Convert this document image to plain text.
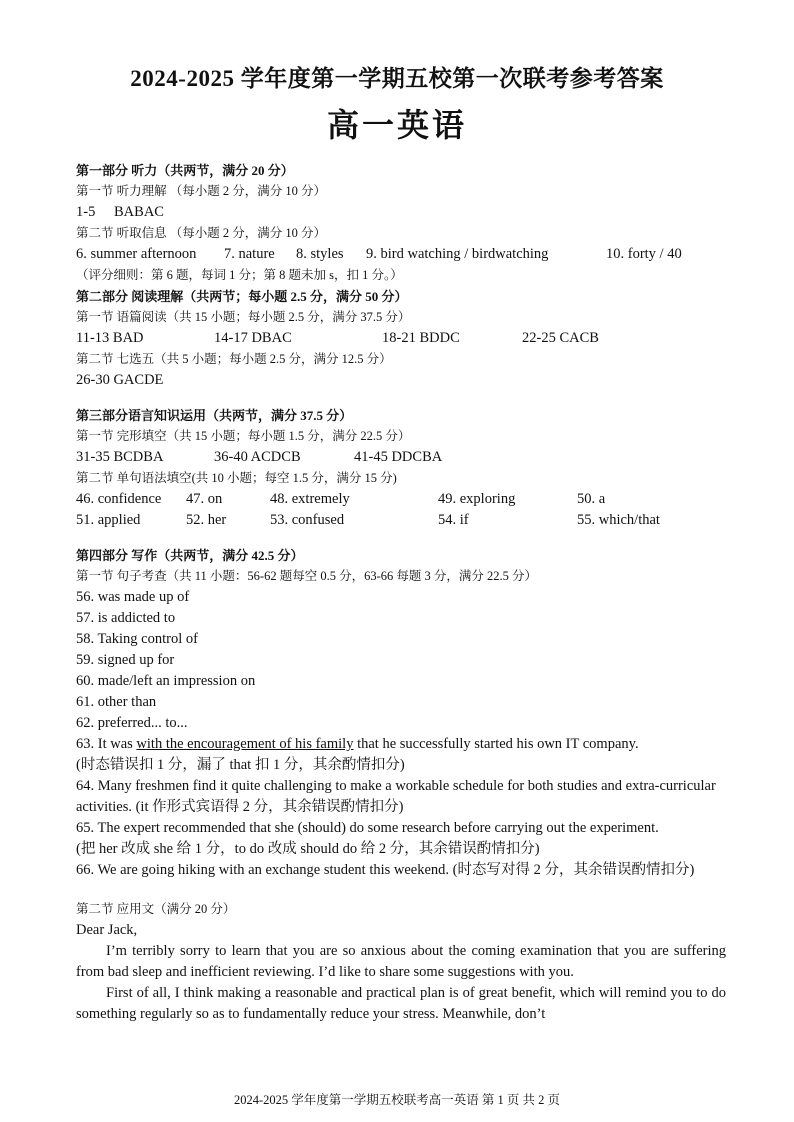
2024-2025 学年度第一学期五校第一次联考参考答案
高一英语
第一部分 听力（共两节，满分 20 分）
第一节 听力理解 （每小题 2 分，满分 10 分）
1-5 BABAC
第二节 听取信息 （每小题 2 分，满分 10 分）
6. summer afternoon 7. nature 8. styles 9. bird watching / birdwatching	10. forty / 40
（评分细则：第 6 题，每词 1 分；第 8 题未加 s，扣 1 分。）
第二部分 阅读理解（共两节；每小题 2.5 分，满分 50 分）
第一节 语篇阅读（共 15 小题；每小题 2.5 分，满分 37.5 分）
11-13 BAD	14-17 DBAC	18-21 BDDC	22-25 CACB
第二节 七选五（共 5 小题；每小题 2.5 分，满分 12.5 分）
26-30 GACDE
第三部分语言知识运用（共两节，满分 37.5 分）
第一节 完形填空（共 15 小题；每小题 1.5 分，满分 22.5 分）
31-35 BCDBA	36-40 ACDCB	41-45 DDCBA
第二节 单句语法填空(共 10 小题；每空 1.5 分，满分 15 分)
46. confidence 47. on	48. extremely	49. exploring	50. a
51. applied	52. her	53. confused	54. if	55. which/that
第四部分 写作（共两节，满分 42.5 分）
第一节 句子考查（共 11 小题：56-62 题每空 0.5 分，63-66 每题 3 分，满分 22.5 分）
56. was made up of
57. is addicted to
58. Taking control of
59. signed up for
60. made/left an impression on
61. other than
62. preferred... to...
63. It was with the encouragement of his family that he successfully started his own IT company.
(时态错误扣 1 分，漏了 that 扣 1 分，其余酌情扣分)
64. Many freshmen find it quite challenging to make a workable schedule for both studies and extra-curricular activities. (it 作形式宾语得 2 分，其余错误酌情扣分)
65. The expert recommended that she (should) do some research before carrying out the experiment.
(把 her 改成 she 给 1 分，to do 改成 should do 给 2 分，其余错误酌情扣分)
66. We are going hiking with an exchange student this weekend. (时态写对得 2 分，其余错误酌情扣分)
第二节 应用文（满分 20 分）
Dear Jack,
I’m terribly sorry to learn that you are so anxious about the coming examination that you are suffering from bad sleep and inefficient reviewing. I’d like to share some suggestions with you.
First of all, I think making a reasonable and practical plan is of great benefit, which will remind you to do something regularly so as to fundamentally reduce your stress. Meanwhile, don’t
2024-2025 学年度第一学期五校联考高一英语 第 1 页 共 2 页
